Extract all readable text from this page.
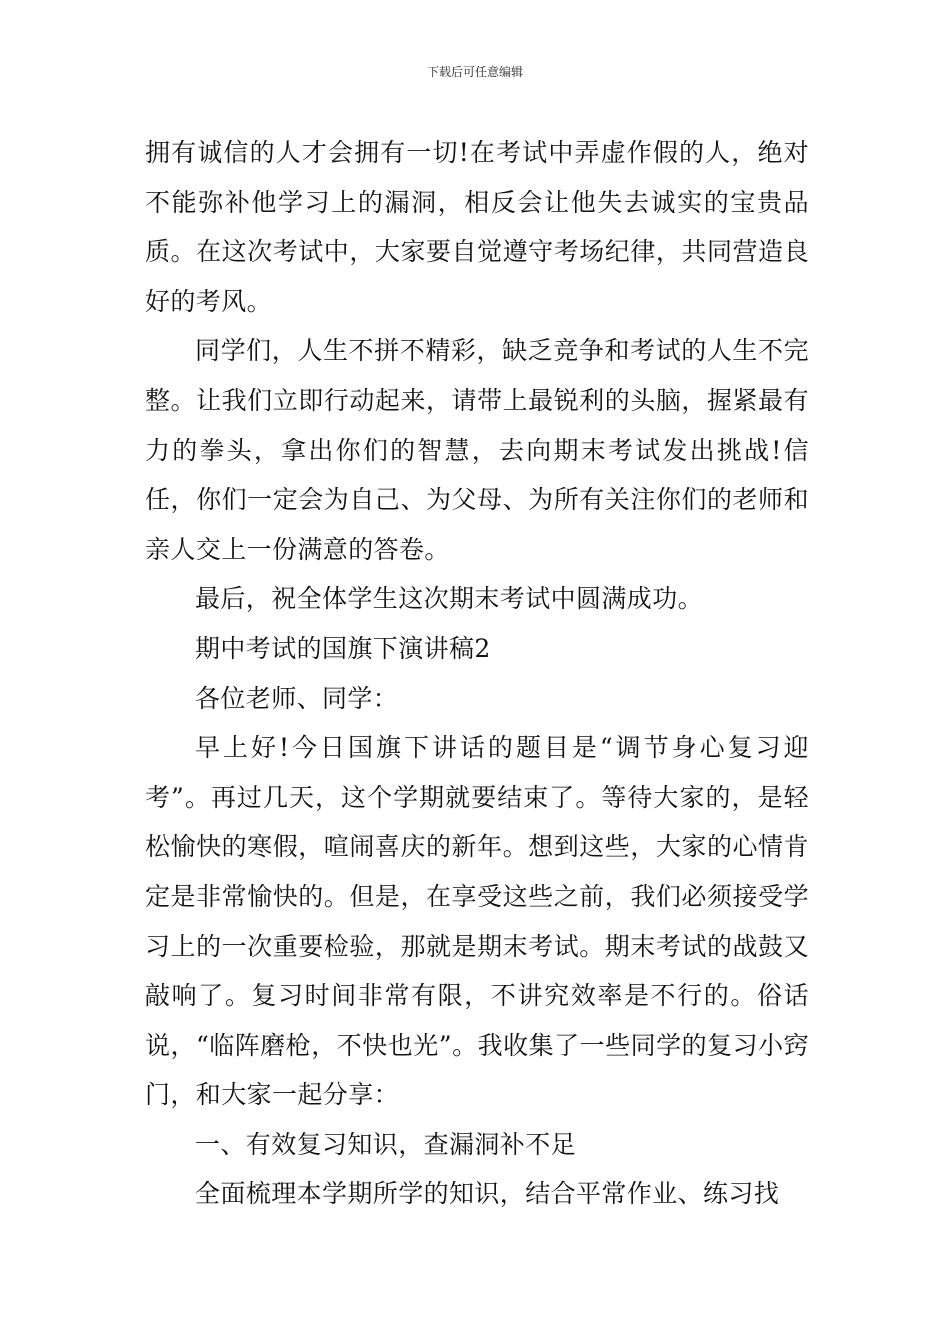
下载后可任意编辑

拥有诚信的人才会拥有一切!在考试中弄虚作假的人，绝对不能弥补他学习上的漏洞，相反会让他失去诚实的宝贵品质。在这次考试中，大家要自觉遵守考场纪律，共同营造良好的考风。

同学们，人生不拼不精彩，缺乏竞争和考试的人生不完整。让我们立即行动起来，请带上最锐利的头脑，握紧最有力的拳头，拿出你们的智慧，去向期末考试发出挑战!信任，你们一定会为自己、为父母、为所有关注你们的老师和亲人交上一份满意的答卷。

最后，祝全体学生这次期末考试中圆满成功。

期中考试的国旗下演讲稿2

各位老师、同学：

早上好!今日国旗下讲话的题目是“调节身心复习迎考”。再过几天，这个学期就要结束了。等待大家的，是轻松愉快的寒假，喧闹喜庆的新年。想到这些，大家的心情肯定是非常愉快的。但是，在享受这些之前，我们必须接受学习上的一次重要检验，那就是期末考试。期末考试的战鼓又敲响了。复习时间非常有限，不讲究效率是不行的。俗话说，“临阵磨枪，不快也光”。我收集了一些同学的复习小窍门，和大家一起分享：

一、有效复习知识，查漏洞补不足

全面梳理本学期所学的知识，结合平常作业、练习找
